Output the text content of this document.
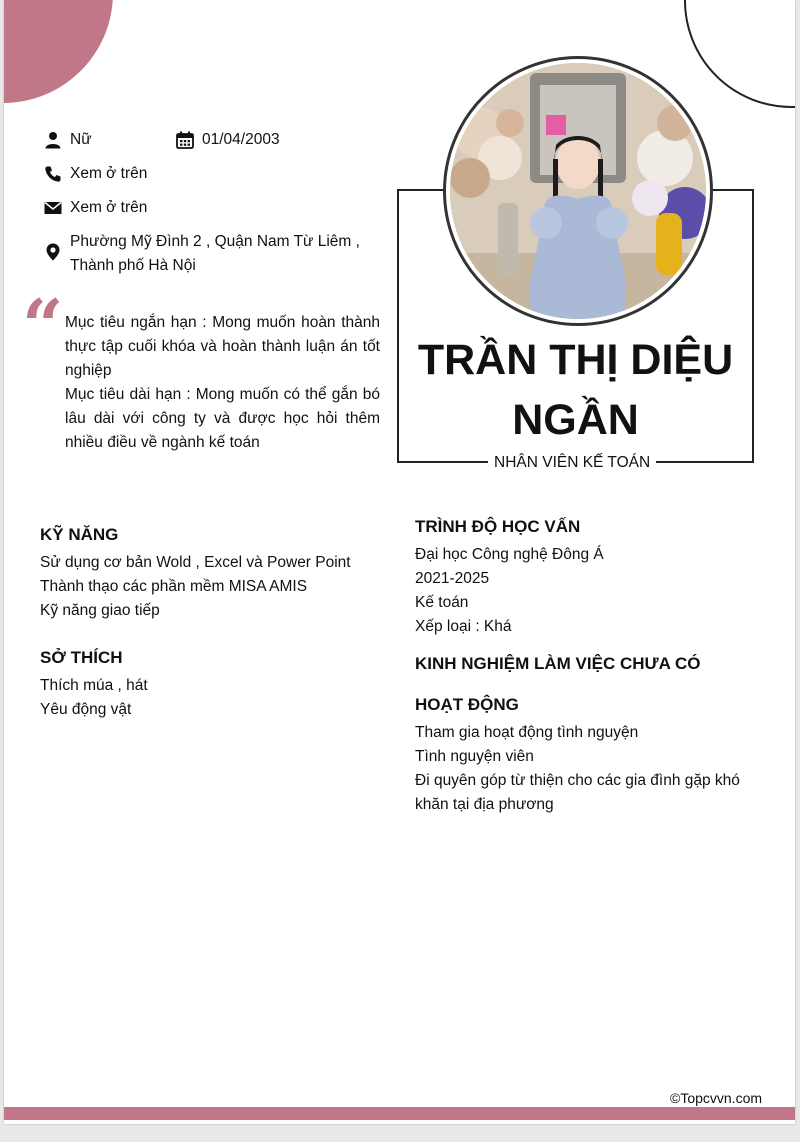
Nữ	01/04/2003
Xem ở trên
Xem ở trên
Phường Mỹ Đình 2 , Quận Nam Từ Liêm ,
Thành phố Hà Nội
“ Mục tiêu ngắn hạn : Mong muốn hoàn thành thực tập cuối khóa và hoàn thành luận án tốt nghiệp

Mục tiêu dài hạn : Mong muốn có thể gắn bó lâu dài với công ty và được học hỏi thêm nhiều điều về ngành kế toán

TRẦN THỊ DIỆU NGẦN
NHÂN VIÊN KẾ TOÁN
KỸ NĂNG
Sử dụng cơ bản Wold , Excel và Power Point
Thành thạo các phần mềm MISA AMIS
Kỹ năng giao tiếp
SỞ THÍCH
Thích múa , hát
Yêu động vật
TRÌNH ĐỘ HỌC VẤN
Đại học Công nghệ Đông Á
2021-2025
Kế toán
Xếp loại : Khá
KINH NGHIỆM LÀM VIỆC CHƯA CÓ
HOẠT ĐỘNG
Tham gia hoạt động tình nguyện
Tình nguyện viên
Đi quyên góp từ thiện cho các gia đình gặp khó khăn tại địa phương
©Topcvvn.com
